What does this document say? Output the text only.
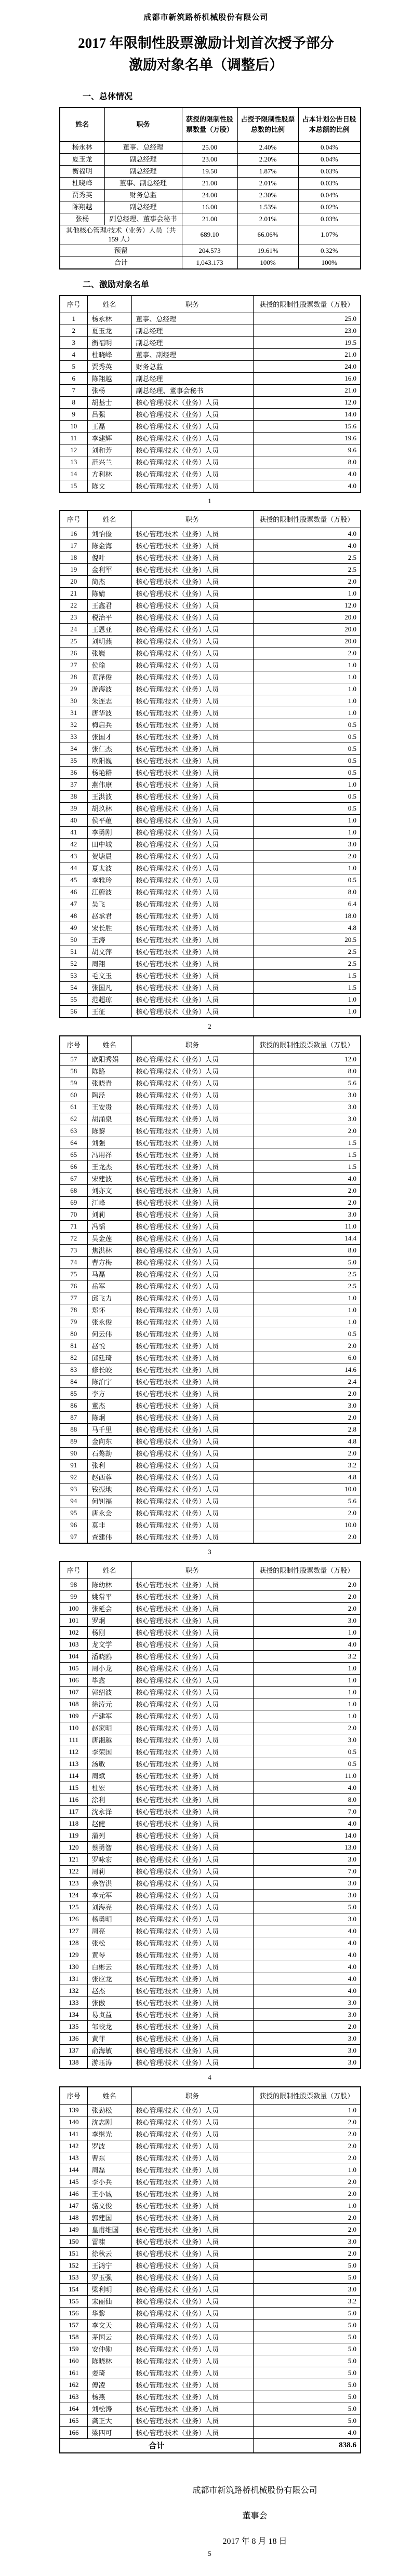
成都市新筑路桥机械股份有限公司
2017 年限制性股票激励计划首次授予部分
激励对象名单（调整后）
一、总体情况
姓名	职务	获授的限制性股票数量（万股）	占授予限制性股票总数的比例	占本计划公告日股本总额的比例
杨永林	董事、总经理	25.00	2.40%	0.04%
夏玉龙	副总经理	23.00	2.20%	0.04%
衡福明	副总经理	19.50	1.87%	0.03%
杜晓峰	董事、副总经理	21.00	2.01%	0.03%
贾秀英	财务总监	24.00	2.30%	0.04%
陈翔越	副总经理	16.00	1.53%	0.02%
张杨	副总经理、董事会秘书	21.00	2.01%	0.03%
其他核心管理/技术（业务）人员（共 159 人）		689.10	66.06%	1.07%
预留		204.573	19.61%	0.32%
合计		1,043.173	100%	100%
二、激励对象名单
序号	姓名	职务	获授的限制性股票数量（万股）
1	杨永林	董事、总经理	25.0
2	夏玉龙	副总经理	23.0
3	衡福明	副总经理	19.5
4	杜晓峰	董事、副经理	21.0
5	贾秀英	财务总监	24.0
6	陈翔越	副总经理	16.0
7	张杨	副总经理、董事会秘书	21.0
8	胡基士	核心管理/技术（业务）人员	12.0
9	吕强	核心管理/技术（业务）人员	14.0
10	王磊	核心管理/技术（业务）人员	15.6
11	李建辉	核心管理/技术（业务）人员	19.6
12	刘和芳	核心管理/技术（业务）人员	9.6
13	范兴兰	核心管理/技术（业务）人员	8.0
14	方利林	核心管理/技术（业务）人员	4.0
15	陈文	核心管理/技术（业务）人员	4.0
1
序号	姓名	职务	获授的限制性股票数量（万股）
16	刘怡俭	核心管理/技术（业务）人员	4.0
17	陈金海	核心管理/技术（业务）人员	4.0
18	倪叶	核心管理/技术（业务）人员	2.5
19	金利军	核心管理/技术（业务）人员	2.5
20	简杰	核心管理/技术（业务）人员	2.0
21	陈婧	核心管理/技术（业务）人员	1.0
22	王鑫君	核心管理/技术（业务）人员	12.0
23	税治平	核心管理/技术（业务）人员	20.0
24	王恩亚	核心管理/技术（业务）人员	20.0
25	刘明燕	核心管理/技术（业务）人员	20.0
26	张巍	核心管理/技术（业务）人员	2.0
27	侯瑜	核心管理/技术（业务）人员	1.0
28	黄泽俊	核心管理/技术（业务）人员	1.0
29	游海波	核心管理/技术（业务）人员	1.0
30	朱连志	核心管理/技术（业务）人员	1.0
31	唐华波	核心管理/技术（业务）人员	1.0
32	梅启兵	核心管理/技术（业务）人员	0.5
33	张国才	核心管理/技术（业务）人员	0.5
34	张仁杰	核心管理/技术（业务）人员	0.5
35	欧阳巍	核心管理/技术（业务）人员	0.5
36	杨艳群	核心管理/技术（业务）人员	0.5
37	燕伟康	核心管理/技术（业务）人员	1.0
38	王洪波	核心管理/技术（业务）人员	0.5
39	胡玖林	核心管理/技术（业务）人员	0.5
40	侯平蕴	核心管理/技术（业务）人员	1.0
41	李勇刚	核心管理/技术（业务）人员	1.0
42	田中城	核心管理/技术（业务）人员	3.0
43	贺塘晨	核心管理/技术（业务）人员	2.0
44	夏太波	核心管理/技术（业务）人员	1.0
45	李雅玲	核心管理/技术（业务）人员	0.5
46	江蔚波	核心管理/技术（业务）人员	8.0
47	吴飞	核心管理/技术（业务）人员	6.4
48	赵承君	核心管理/技术（业务）人员	18.0
49	宋长胜	核心管理/技术（业务）人员	4.8
50	王涛	核心管理/技术（业务）人员	20.5
51	胡文萍	核心管理/技术（业务）人员	2.5
52	周翔	核心管理/技术（业务）人员	2.5
53	毛文玉	核心管理/技术（业务）人员	1.5
54	张国凡	核心管理/技术（业务）人员	1.5
55	范超琼	核心管理/技术（业务）人员	1.0
56	王征	核心管理/技术（业务）人员	1.0
2
序号	姓名	职务	获授的限制性股票数量（万股）
57	欧阳秀娟	核心管理/技术（业务）人员	12.0
58	陈路	核心管理/技术（业务）人员	8.0
59	张晓青	核心管理/技术（业务）人员	5.6
60	陶泾	核心管理/技术（业务）人员	3.0
61	王安贵	核心管理/技术（业务）人员	3.0
62	胡涌泉	核心管理/技术（业务）人员	3.0
63	陈黎	核心管理/技术（业务）人员	2.0
64	刘强	核心管理/技术（业务）人员	1.5
65	冯用祥	核心管理/技术（业务）人员	1.5
66	王龙杰	核心管理/技术（业务）人员	1.5
67	宋建波	核心管理/技术（业务）人员	4.0
68	刘亦文	核心管理/技术（业务）人员	2.0
69	江峰	核心管理/技术（业务）人员	2.0
70	刘莉	核心管理/技术（业务）人员	3.0
71	冯韬	核心管理/技术（业务）人员	11.0
72	吴金莲	核心管理/技术（业务）人员	14.4
73	焦洪林	核心管理/技术（业务）人员	8.0
74	曹方梅	核心管理/技术（业务）人员	5.0
75	马磊	核心管理/技术（业务）人员	2.5
76	岳军	核心管理/技术（业务）人员	2.5
77	邱飞力	核心管理/技术（业务）人员	1.0
78	郑怀	核心管理/技术（业务）人员	1.0
79	张永俊	核心管理/技术（业务）人员	1.0
80	何云伟	核心管理/技术（业务）人员	0.5
81	赵悦	核心管理/技术（业务）人员	2.0
82	邱廷琦	核心管理/技术（业务）人员	6.0
83	修长皎	核心管理/技术（业务）人员	14.6
84	陈泊宇	核心管理/技术（业务）人员	2.4
85	李方	核心管理/技术（业务）人员	2.0
86	董杰	核心管理/技术（业务）人员	3.0
87	陈炯	核心管理/技术（业务）人员	2.0
88	马千里	核心管理/技术（业务）人员	2.8
89	金向东	核心管理/技术（业务）人员	4.8
90	石骜劼	核心管理/技术（业务）人员	2.0
91	张利	核心管理/技术（业务）人员	3.2
92	赵西蓉	核心管理/技术（业务）人员	4.8
93	钱振地	核心管理/技术（业务）人员	10.0
94	何钊福	核心管理/技术（业务）人员	5.6
95	唐永会	核心管理/技术（业务）人员	2.0
96	莫非	核心管理/技术（业务）人员	10.0
97	查建伟	核心管理/技术（业务）人员	2.0
3
序号	姓名	职务	获授的限制性股票数量（万股）
98	陈幼林	核心管理/技术（业务）人员	2.0
99	姚常平	核心管理/技术（业务）人员	2.0
100	张延会	核心管理/技术（业务）人员	2.0
101	罗炯	核心管理/技术（业务）人员	3.0
102	杨刚	核心管理/技术（业务）人员	1.0
103	龙文学	核心管理/技术（业务）人员	4.0
104	潘晓鸥	核心管理/技术（业务）人员	3.2
105	周小龙	核心管理/技术（业务）人员	1.0
106	毕鑫	核心管理/技术（业务）人员	1.0
107	郭绍波	核心管理/技术（业务）人员	1.0
108	徐涛元	核心管理/技术（业务）人员	1.0
109	卢建军	核心管理/技术（业务）人员	1.0
110	赵家明	核心管理/技术（业务）人员	2.0
111	唐湘越	核心管理/技术（业务）人员	3.0
112	李荣国	核心管理/技术（业务）人员	0.5
113	汤敏	核心管理/技术（业务）人员	0.5
114	周斌	核心管理/技术（业务）人员	11.0
115	杜宏	核心管理/技术（业务）人员	4.0
116	涂利	核心管理/技术（业务）人员	8.0
117	沈永泽	核心管理/技术（业务）人员	7.0
118	赵健	核心管理/技术（业务）人员	4.0
119	蒲列	核心管理/技术（业务）人员	14.0
120	蔡勇智	核心管理/技术（业务）人员	13.0
121	罗咏宏	核心管理/技术（业务）人员	3.0
122	周莉	核心管理/技术（业务）人员	7.0
123	余智洪	核心管理/技术（业务）人员	3.0
124	李元军	核心管理/技术（业务）人员	3.0
125	刘海亮	核心管理/技术（业务）人员	5.0
126	杨勇明	核心管理/技术（业务）人员	3.0
127	周亮	核心管理/技术（业务）人员	4.0
128	张松	核心管理/技术（业务）人员	4.0
129	黄琴	核心管理/技术（业务）人员	4.0
130	白彬云	核心管理/技术（业务）人员	4.0
131	张应龙	核心管理/技术（业务）人员	4.0
132	赵杰	核心管理/技术（业务）人员	4.0
133	张傲	核心管理/技术（业务）人员	3.0
134	易贞益	核心管理/技术（业务）人员	3.0
135	邹蛟龙	核心管理/技术（业务）人员	2.0
136	黄菲	核心管理/技术（业务）人员	3.0
137	俞海敏	核心管理/技术（业务）人员	3.0
138	游珏涛	核心管理/技术（业务）人员	3.0
4
序号	姓名	职务	获授的限制性股票数量（万股）
139	张劲松	核心管理/技术（业务）人员	1.0
140	沈志刚	核心管理/技术（业务）人员	2.0
141	李继光	核心管理/技术（业务）人员	2.0
142	罗波	核心管理/技术（业务）人员	2.0
143	曹东	核心管理/技术（业务）人员	2.0
144	周磊	核心管理/技术（业务）人员	1.0
145	李小兵	核心管理/技术（业务）人员	2.0
146	王小诚	核心管理/技术（业务）人员	2.0
147	骆文俊	核心管理/技术（业务）人员	1.0
148	郭建国	核心管理/技术（业务）人员	2.0
149	皇甫维国	核心管理/技术（业务）人员	2.0
150	雷啸	核心管理/技术（业务）人员	3.0
151	徐秋云	核心管理/技术（业务）人员	2.0
152	王鸿宁	核心管理/技术（业务）人员	5.0
153	罗玉强	核心管理/技术（业务）人员	5.0
154	梁利明	核心管理/技术（业务）人员	3.0
155	宋丽仙	核心管理/技术（业务）人员	3.2
156	华黎	核心管理/技术（业务）人员	5.0
157	李文天	核心管理/技术（业务）人员	5.0
158	茅国云	核心管理/技术（业务）人员	5.0
159	安仲勋	核心管理/技术（业务）人员	5.0
160	陈晓林	核心管理/技术（业务）人员	5.0
161	姜琦	核心管理/技术（业务）人员	5.0
162	傅凌	核心管理/技术（业务）人员	5.0
163	杨燕	核心管理/技术（业务）人员	5.0
164	刘松涛	核心管理/技术（业务）人员	5.0
165	龚正大	核心管理/技术（业务）人员	5.0
166	梁四可	核心管理/技术（业务）人员	4.0
合计			838.6
成都市新筑路桥机械股份有限公司
董事会
2017 年 8 月 18 日
5
